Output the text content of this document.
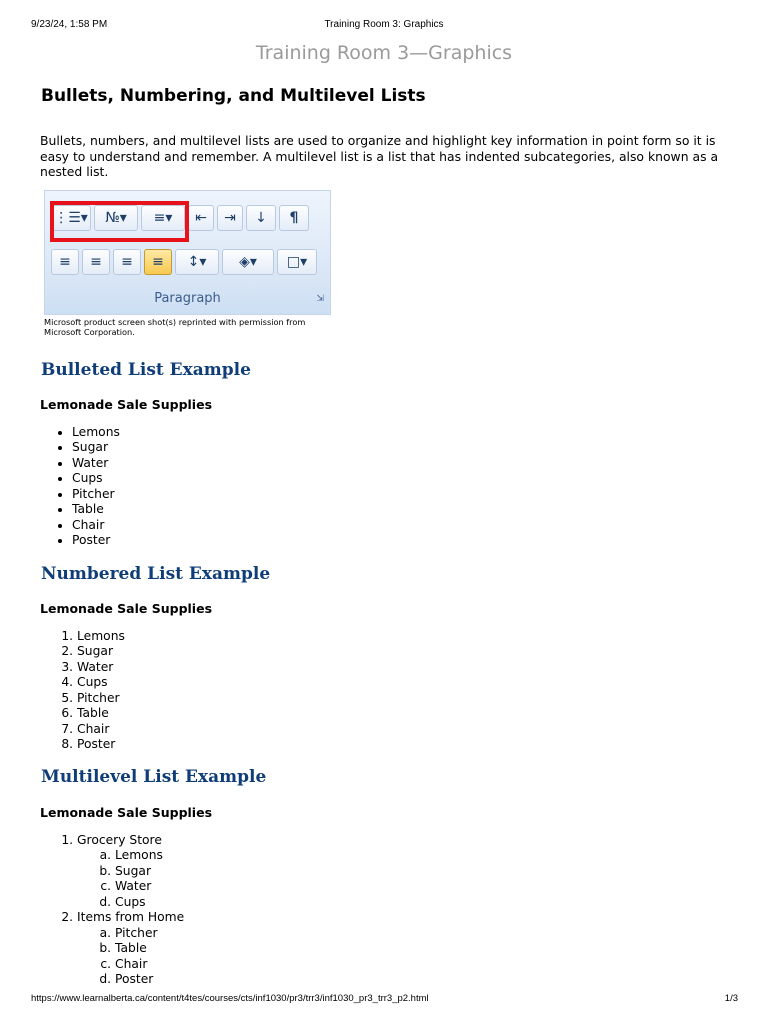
9/23/24, 1:58 PM	Training Room 3: Graphics
Training Room 3—Graphics
Bullets, Numbering, and Multilevel Lists

Bullets, numbers, and multilevel lists are used to organize and highlight key information in point form so it is easy to understand and remember. A multilevel list is a list that has indented subcategories, also known as a nested list.

⋮☰▾	№▾	≡▾	⇤	⇥	↓	¶
≡	≡	≡	≡	↕▾	◈▾	□▾
Paragraph	⇲
Microsoft product screen shot(s) reprinted with permission from Microsoft Corporation.
Bulleted List Example
Lemonade Sale Supplies
• Lemons
• Sugar
• Water
• Cups
• Pitcher
• Table
• Chair
• Poster
Numbered List Example
Lemonade Sale Supplies
1. Lemons
2. Sugar
3. Water
4. Cups
5. Pitcher
6. Table
7. Chair
8. Poster
Multilevel List Example
Lemonade Sale Supplies
1. Grocery Store
a. Lemons
b. Sugar
c. Water
d. Cups
2. Items from Home
a. Pitcher
b. Table
c. Chair
d. Poster
https://www.learnalberta.ca/content/t4tes/courses/cts/inf1030/pr3/trr3/inf1030_pr3_trr3_p2.html	1/3
